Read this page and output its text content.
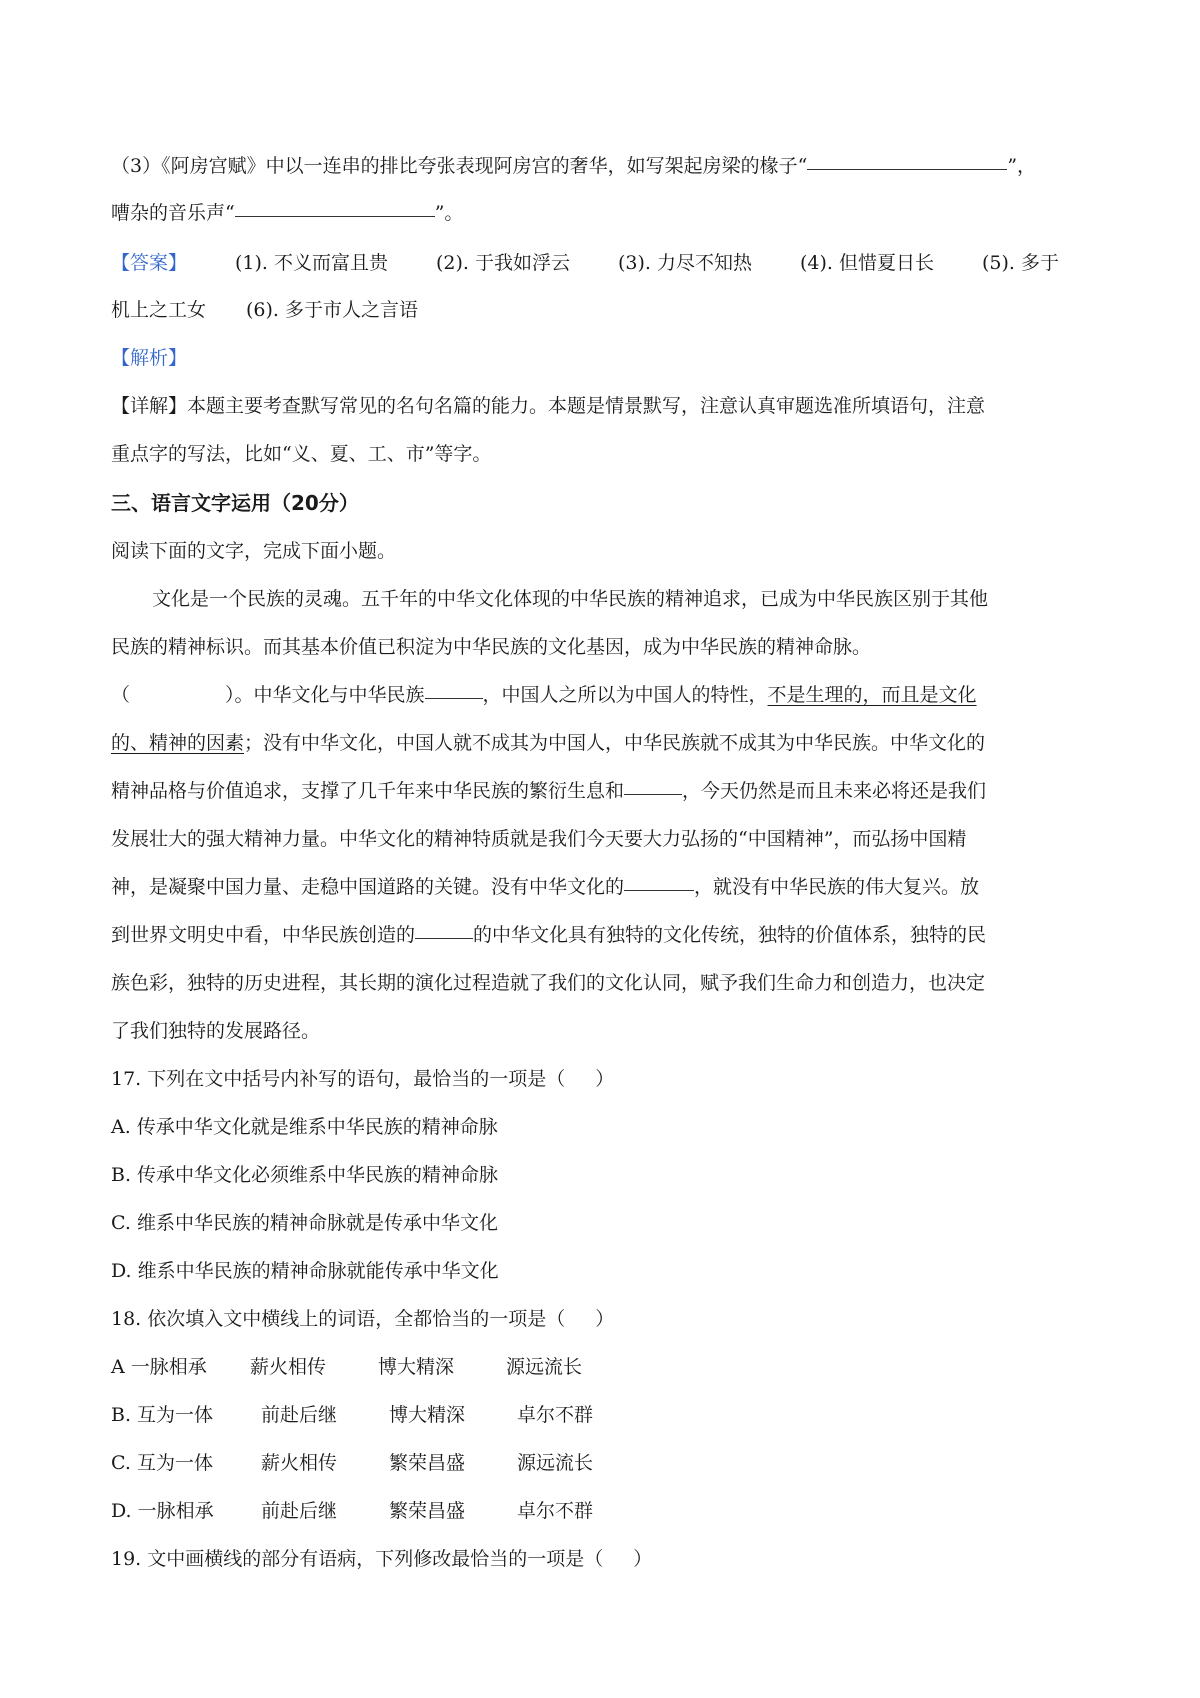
（3）《阿房宫赋》中以一连串的排比夸张表现阿房宫的奢华，如写架起房梁的椽子“	”，
嘈杂的音乐声“	”。
【答案】	(1). 不义而富且贵	(2). 于我如浮云	(3). 力尽不知热	(4). 但惜夏日长	(5). 多于
机上之工女 (6). 多于市人之言语
【解析】
【详解】本题主要考查默写常见的名句名篇的能力。本题是情景默写，注意认真审题选准所填语句，注意
重点字的写法，比如“义、夏、工、市”等字。
三、语言文字运用（20分）
阅读下面的文字，完成下面小题。
文化是一个民族的灵魂。五千年的中华文化体现的中华民族的精神追求，已成为中华民族区别于其他
民族的精神标识。而其基本价值已积淀为中华民族的文化基因，成为中华民族的精神命脉。
（	）。中华文化与中华民族	，中国人之所以为中国人的特性，不是生理的，而且是文化
的、精神的因素；没有中华文化，中国人就不成其为中国人，中华民族就不成其为中华民族。中华文化的
精神品格与价值追求，支撑了几千年来中华民族的繁衍生息和	，今天仍然是而且未来必将还是我们
发展壮大的强大精神力量。中华文化的精神特质就是我们今天要大力弘扬的“中国精神”，而弘扬中国精
神，是凝聚中国力量、走稳中国道路的关键。没有中华文化的	，就没有中华民族的伟大复兴。放
到世界文明史中看，中华民族创造的	的中华文化具有独特的文化传统，独特的价值体系，独特的民
族色彩，独特的历史进程，其长期的演化过程造就了我们的文化认同，赋予我们生命力和创造力，也决定
了我们独特的发展路径。
17. 下列在文中括号内补写的语句，最恰当的一项是（ ）
A. 传承中华文化就是维系中华民族的精神命脉
B. 传承中华文化必须维系中华民族的精神命脉
C. 维系中华民族的精神命脉就是传承中华文化
D. 维系中华民族的精神命脉就能传承中华文化
18. 依次填入文中横线上的词语，全都恰当的一项是（ ）
A 一脉相承 薪火相传	博大精深	源远流长
B. 互为一体	前赴后继	博大精深	卓尔不群
C. 互为一体	薪火相传	繁荣昌盛	源远流长
D. 一脉相承 前赴后继	繁荣昌盛	卓尔不群
19. 文中画横线的部分有语病，下列修改最恰当的一项是（ ）
